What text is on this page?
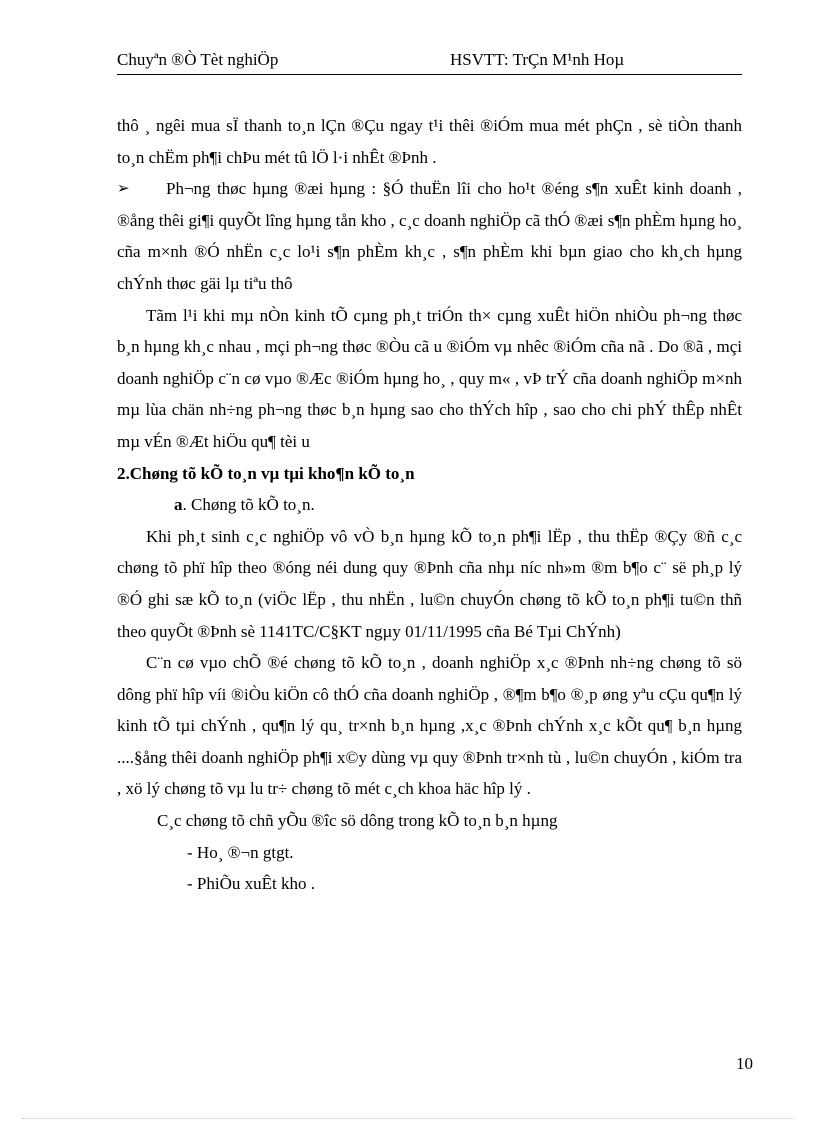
Chuyªn ®Ò Tèt nghiÖp	HSVTT: TrÇn M¹nh Hoµ

thô ¸ ngêi mua sÏ thanh to¸n lÇn ®Çu ngay t¹i thêi ®iÓm mua mét phÇn , sè tiÒn thanh to¸n chËm ph¶i chÞu mét tû lÖ l·i nhÊt ®Þnh .

➢ Ph¬ng thøc hµng ®æi hµng : §Ó thuËn lîi cho ho¹t ®éng s¶n xuÊt kinh doanh , ®ång thêi gi¶i quyÕt lîng hµng tån kho , c¸c doanh nghiÖp cã thÓ ®æi s¶n phÈm hµng ho¸ cña m×nh ®Ó nhËn c¸c lo¹i s¶n phÈm kh¸c , s¶n phÈm khi bµn giao cho kh¸ch hµng chÝnh thøc gäi lµ tiªu thô

Tãm l¹i khi mµ nÒn kinh tÕ cµng ph¸t triÓn th× cµng xuÊt hiÖn nhiÒu ph¬ng thøc b¸n hµng kh¸c nhau , mçi ph¬ng thøc ®Òu cã u ®iÓm vµ nhêc ®iÓm cña nã . Do ®ã , mçi doanh nghiÖp c¨n cø vµo ®Æc ®iÓm hµng ho¸ , quy m« , vÞ trÝ cña doanh nghiÖp m×nh mµ lùa chän nh÷ng ph¬ng thøc b¸n hµng sao cho thÝch hîp , sao cho chi phÝ thÊp nhÊt mµ vÉn ®Æt hiÖu qu¶ tèi u

2.Chøng tõ kÕ to¸n vµ tµi kho¶n kÕ to¸n

a. Chøng tõ kÕ to¸n.

Khi ph¸t sinh c¸c nghiÖp vô vÒ b¸n hµng kÕ to¸n ph¶i lËp , thu thËp ®Çy ®ñ c¸c chøng tõ phï hîp theo ®óng néi dung quy ®Þnh cña nhµ níc nh»m ®m b¶o c¨ së ph¸p lý ®Ó ghi sæ kÕ to¸n (viÖc lËp , thu nhËn , lu©n chuyÓn chøng tõ kÕ to¸n ph¶i tu©n thñ theo quyÕt ®Þnh sè 1141TC/C§KT ngµy 01/11/1995 cña Bé Tµi ChÝnh)

C¨n cø vµo chÕ ®é chøng tõ kÕ to¸n , doanh nghiÖp x¸c ®Þnh nh÷ng chøng tõ sö dông phï hîp víi ®iÒu kiÖn cô thÓ cña doanh nghiÖp , ®¶m b¶o ®¸p øng yªu cÇu qu¶n lý kinh tÕ tµi chÝnh , qu¶n lý qu¸ tr×nh b¸n hµng ,x¸c ®Þnh chÝnh x¸c kÕt qu¶ b¸n hµng ....§ång thêi doanh nghiÖp ph¶i x©y dùng vµ quy ®Þnh tr×nh tù , lu©n chuyÓn , kiÓm tra , xö lý chøng tõ vµ lu tr÷ chøng tõ mét c¸ch khoa häc hîp lý .

C¸c chøng tõ chñ yÕu ®îc sö dông trong kÕ to¸n b¸n hµng

- Ho¸ ®¬n gtgt.

- PhiÕu xuÊt kho .

10
